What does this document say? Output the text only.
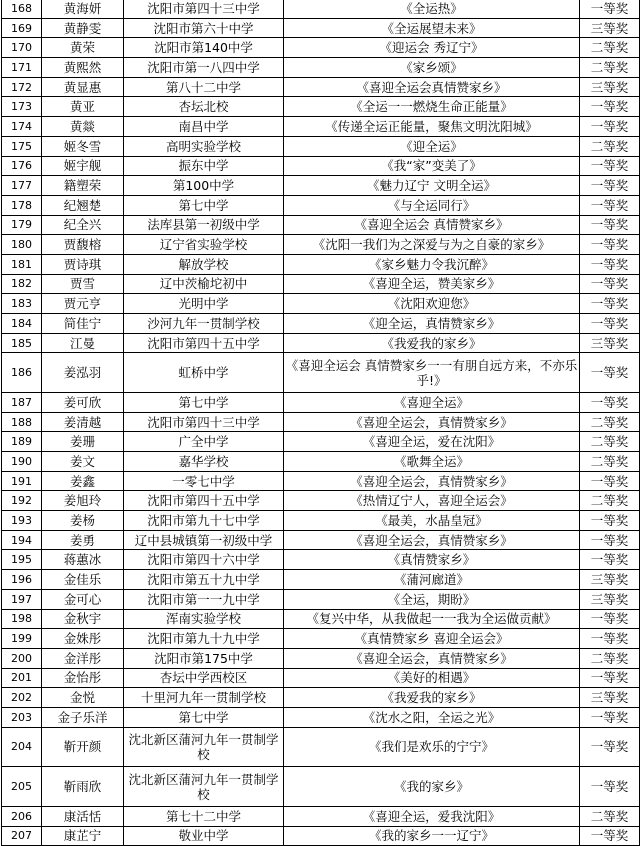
168	黄海妍	沈阳市第四十三中学	《全运热》	一等奖
169	黄静雯	沈阳市第六十中学	《全运展望未来》	三等奖
170	黄荣	沈阳市第140中学	《迎运会 秀辽宁》	二等奖
171	黄熙然	沈阳市第一八四中学	《家乡颂》	二等奖
172	黄显惠	第八十二中学	《喜迎全运会真情赞家乡》	三等奖
173	黄亚	杏坛北校	《全运一一燃烧生命正能量》	一等奖
174	黄燚	南昌中学	《传递全运正能量，聚焦文明沈阳城》	一等奖
175	姬冬雪	高明实验学校	《迎全运》	二等奖
176	姬宇舰	振东中学	《我“家”变美了》	一等奖
177	籍塑荣	第100中学	《魅力辽宁 文明全运》	一等奖
178	纪翘楚	第七中学	《与全运同行》	一等奖
179	纪全兴	法库县第一初级中学	《喜迎全运会 真情赞家乡》	一等奖
180	贾馥榕	辽宁省实验学校	《沈阳一我们为之深爱与为之自豪的家乡》	一等奖
181	贾诗琪	解放学校	《家乡魅力令我沉醉》	一等奖
182	贾雪	辽中茨榆坨初中	《喜迎全运，赞美家乡》	一等奖
183	贾元亨	光明中学	《沈阳欢迎您》	一等奖
184	简佳宁	沙河九年一贯制学校	《迎全运，真情赞家乡》	一等奖
185	江曼	沈阳市第四十五中学	《我爱我的家乡》	三等奖
186	姜泓羽	虹桥中学	《喜迎全运会 真情赞家乡一一有朋自远方来，不亦乐乎!》	一等奖
187	姜可欣	第七中学	《喜迎全运》	一等奖
188	姜清越	沈阳市第四十三中学	《喜迎全运会，真情赞家乡》	二等奖
189	姜珊	广全中学	《喜迎全运，爱在沈阳》	二等奖
190	姜文	嘉华学校	《歌舞全运》	二等奖
191	姜鑫	一零七中学	《喜迎全运会，真情赞家乡》	一等奖
192	姜旭玲	沈阳市第四十五中学	《热情辽宁人，喜迎全运会》	二等奖
193	姜杨	沈阳市第九十七中学	《最美，水晶皇冠》	一等奖
194	姜勇	辽中县城镇第一初级中学	《喜迎全运会，真情赞家乡》	一等奖
195	蒋蕙冰	沈阳市第四十六中学	《真情赞家乡》	一等奖
196	金佳乐	沈阳市第五十九中学	《蒲河廊道》	三等奖
197	金可心	沈阳市第一一九中学	《全运，期盼》	三等奖
198	金秋宇	浑南实验学校	《复兴中华，从我做起一一我为全运做贡献》	一等奖
199	金姝彤	沈阳市第九十九中学	《真情赞家乡 喜迎全运会》	一等奖
200	金洋彤	沈阳市第175中学	《喜迎全运会，真情赞家乡》	二等奖
201	金怡彤	杏坛中学西校区	《美好的相遇》	一等奖
202	金悦	十里河九年一贯制学校	《我爱我的家乡》	三等奖
203	金子乐洋	第七中学	《沈水之阳，全运之光》	一等奖
204	靳开颜	沈北新区蒲河九年一贯制学校	《我们是欢乐的宁宁》	一等奖
205	靳雨欣	沈北新区蒲河九年一贯制学校	《我的家乡》	一等奖
206	康活恬	第七十二中学	《喜迎全运，爱我沈阳》	二等奖
207	康芷宁	敬业中学	《我的家乡一一辽宁》	一等奖
